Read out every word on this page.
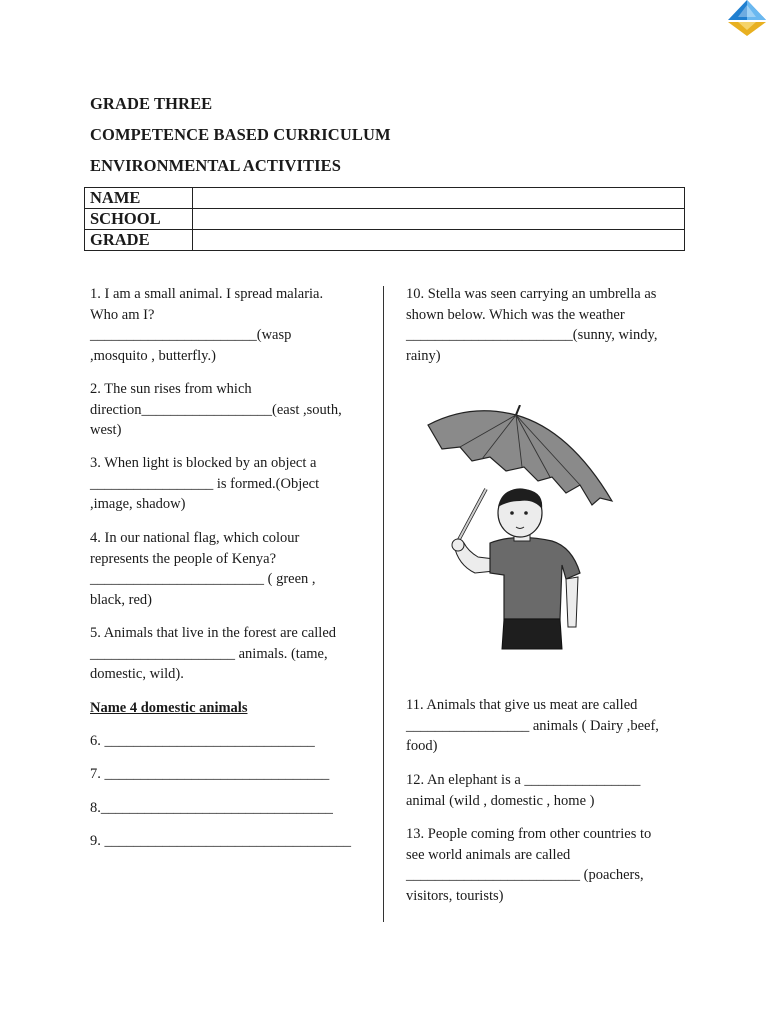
GRADE THREE
COMPETENCE BASED CURRICULUM
ENVIRONMENTAL ACTIVITIES
NAME	
SCHOOL	
GRADE	
1. I am a small animal. I spread malaria.
Who am I?
_______________________(wasp
,mosquito , butterfly.)
2. The sun rises from which
direction__________________(east ,south,
west)
3. When light is blocked by an object a
_________________ is formed.(Object
,image, shadow)
4. In our national flag, which colour
represents the people of Kenya?
________________________ ( green ,
black, red)
5. Animals that live in the forest are called
____________________ animals. (tame,
domestic, wild).
Name 4 domestic animals
6. _____________________________
7. _______________________________
8.________________________________
9. __________________________________
10. Stella was seen carrying an umbrella as
shown below. Which was the weather
_______________________(sunny, windy,
rainy)
11. Animals that give us meat are called
_________________ animals ( Dairy ,beef,
food)
12. An elephant is a ________________
animal (wild , domestic , home )
13. People coming from other countries to
see world animals are called
________________________ (poachers,
visitors, tourists)
